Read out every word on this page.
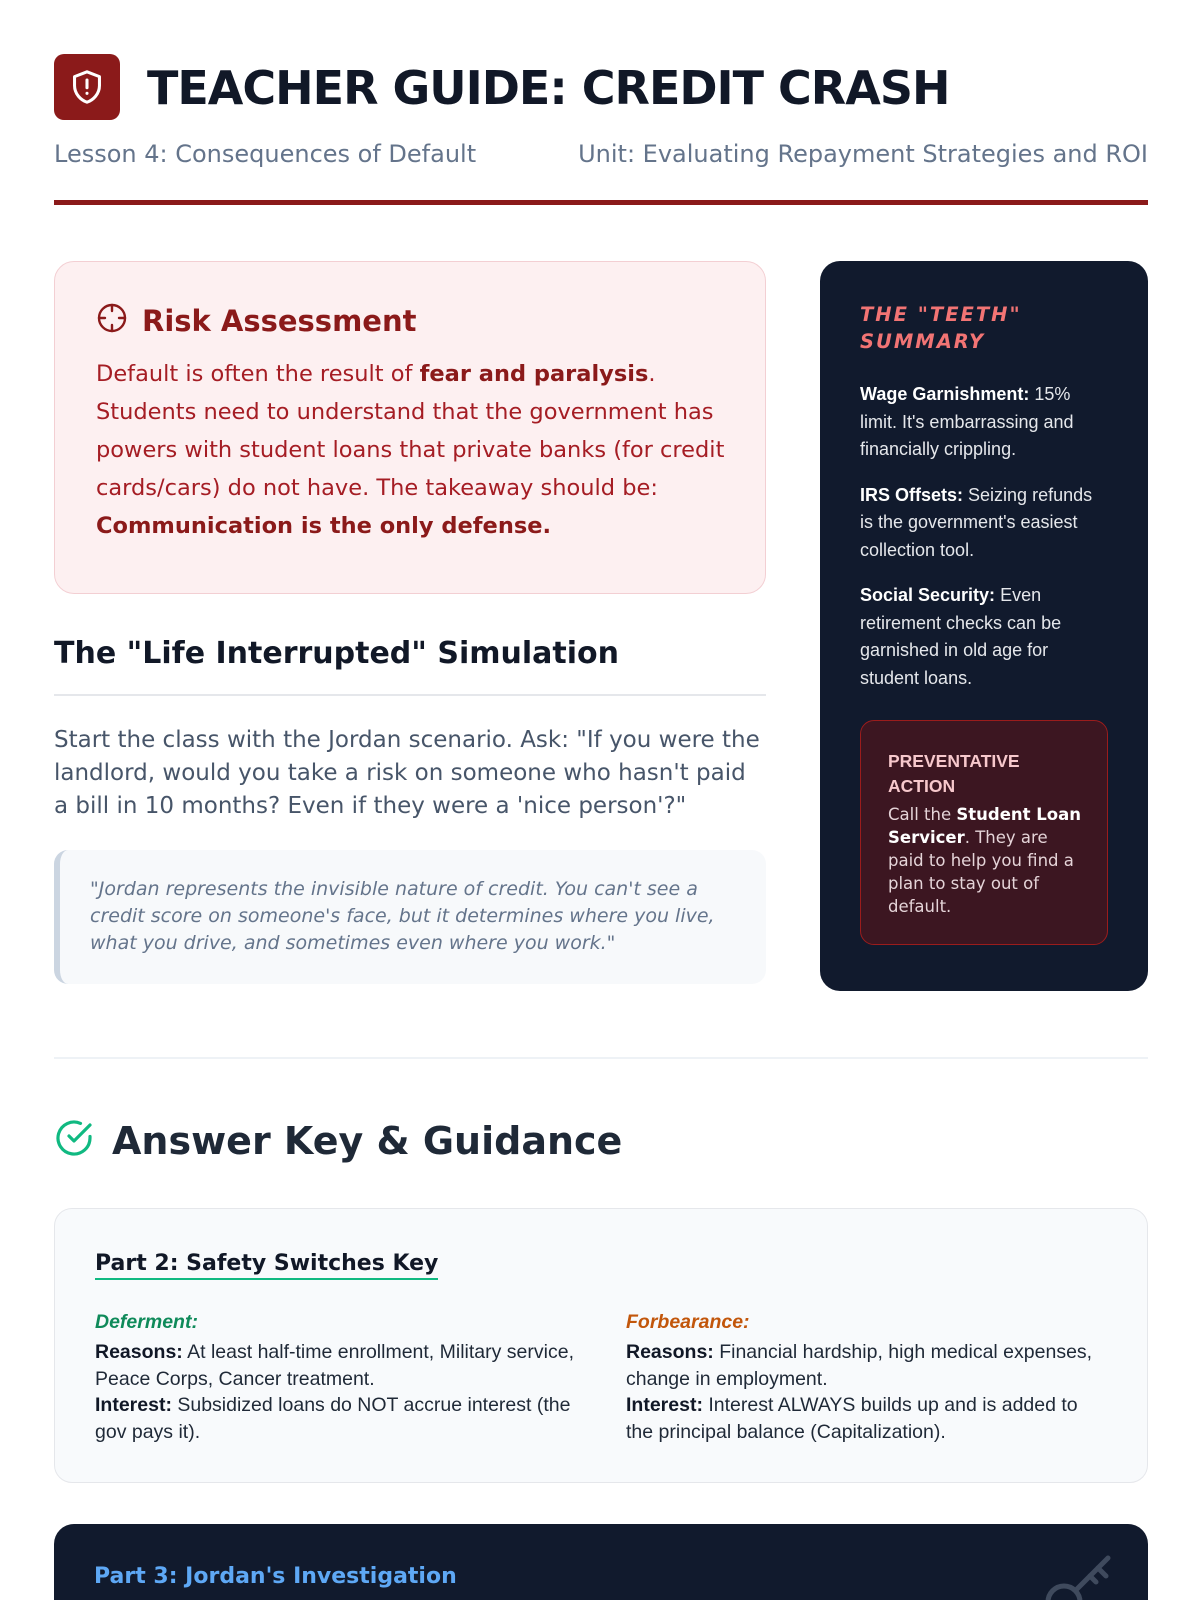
TEACHER GUIDE: CREDIT CRASH
Lesson 4: Consequences of Default	Unit: Evaluating Repayment Strategies and ROI
Risk Assessment

Default is often the result of fear and paralysis. Students need to understand that the government has powers with student loans that private banks (for credit cards/cars) do not have. The takeaway should be: Communication is the only defense.

The "Life Interrupted" Simulation

Start the class with the Jordan scenario. Ask: "If you were the landlord, would you take a risk on someone who hasn't paid a bill in 10 months? Even if they were a 'nice person'?"

"Jordan represents the invisible nature of credit. You can't see a credit score on someone's face, but it determines where you live, what you drive, and sometimes even where you work."
THE "TEETH" SUMMARY

Wage Garnishment: 15% limit. It's embarrassing and financially crippling.

IRS Offsets: Seizing refunds is the government's easiest collection tool.

Social Security: Even retirement checks can be garnished in old age for student loans.

PREVENTATIVE ACTION

Call the Student Loan Servicer. They are paid to help you find a plan to stay out of default.

Answer Key & Guidance
Part 2: Safety Switches Key
Deferment:

Reasons: At least half-time enrollment, Military service, Peace Corps, Cancer treatment.
Interest: Subsidized loans do NOT accrue interest (the gov pays it).

Forbearance:

Reasons: Financial hardship, high medical expenses, change in employment.
Interest: Interest ALWAYS builds up and is added to the principal balance (Capitalization).

Part 3: Jordan's Investigation
